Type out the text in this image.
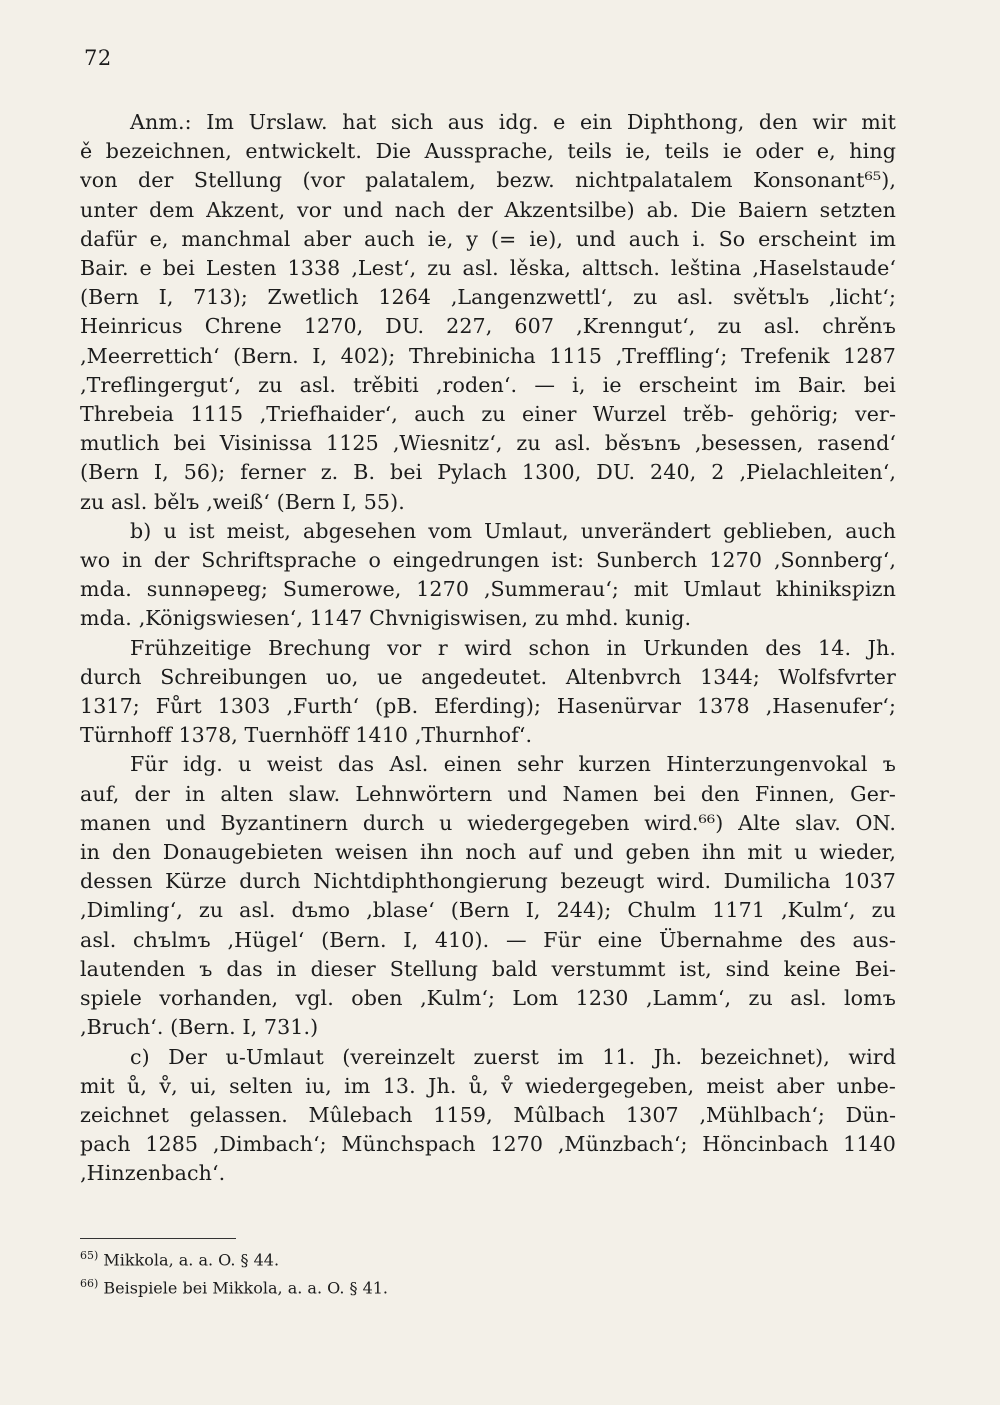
72
Anm.: Im Urslaw. hat sich aus idg. e ein Diphthong, den wir mit
ě bezeichnen, entwickelt. Die Aussprache, teils ie, teils ie oder e, hing
von der Stellung (vor palatalem, bezw. nichtpalatalem Konsonant⁶⁵),
unter dem Akzent, vor und nach der Akzentsilbe) ab. Die Baiern setzten
dafür e, manchmal aber auch ie, y (= ie), und auch i. So erscheint im
Bair. e bei Lesten 1338 ‚Lest‘, zu asl. lěska, alttsch. leština ‚Haselstaude‘
(Bern I, 713); Zwetlich 1264 ‚Langenzwettl‘, zu asl. světъlъ ‚licht‘;
Heinricus Chrene 1270, DU. 227, 607 ‚Krenngut‘, zu asl. chrěnъ
‚Meerrettich‘ (Bern. I, 402); Threbinicha 1115 ‚Treffling‘; Trefenik 1287
‚Treflingergut‘, zu asl. trěbiti ‚roden‘. — i, ie erscheint im Bair. bei
Threbeia 1115 ‚Triefhaider‘, auch zu einer Wurzel trěb- gehörig; ver-
mutlich bei Visinissa 1125 ‚Wiesnitz‘, zu asl. běsъnъ ‚besessen, rasend‘
(Bern I, 56); ferner z. B. bei Pylach 1300, DU. 240, 2 ‚Pielachleiten‘,
zu asl. bělъ ‚weiß‘ (Bern I, 55).
b) u ist meist, abgesehen vom Umlaut, unverändert geblieben, auch
wo in der Schriftsprache o eingedrungen ist: Sunberch 1270 ‚Sonnberg‘,
mda. sunnəpeɐg; Sumerowe, 1270 ‚Summerau‘; mit Umlaut khiniksƿizn
mda. ‚Königswiesen‘, 1147 Chvnigiswisen, zu mhd. kunig.
Frühzeitige Brechung vor r wird schon in Urkunden des 14. Jh.
durch Schreibungen uo, ue angedeutet. Altenbvrch 1344; Wolfsfvrter
1317; Fůrt 1303 ‚Furth‘ (pB. Eferding); Hasenürvar 1378 ‚Hasenufer‘;
Türnhoff 1378, Tuernhöff 1410 ‚Thurnhof‘.
Für idg. u weist das Asl. einen sehr kurzen Hinterzungenvokal ъ
auf, der in alten slaw. Lehnwörtern und Namen bei den Finnen, Ger-
manen und Byzantinern durch u wiedergegeben wird.⁶⁶) Alte slav. ON.
in den Donaugebieten weisen ihn noch auf und geben ihn mit u wieder,
dessen Kürze durch Nichtdiphthongierung bezeugt wird. Dumilicha 1037
‚Dimling‘, zu asl. dъmo ‚blase‘ (Bern I, 244); Chulm 1171 ‚Kulm‘, zu
asl. chъlmъ ‚Hügel‘ (Bern. I, 410). — Für eine Übernahme des aus-
lautenden ъ das in dieser Stellung bald verstummt ist, sind keine Bei-
spiele vorhanden, vgl. oben ‚Kulm‘; Lom 1230 ‚Lamm‘, zu asl. lomъ
‚Bruch‘. (Bern. I, 731.)
c) Der u-Umlaut (vereinzelt zuerst im 11. Jh. bezeichnet), wird
mit ů, v̊, ui, selten iu, im 13. Jh. ů, v̊ wiedergegeben, meist aber unbe-
zeichnet gelassen. Mûlebach 1159, Mûlbach 1307 ‚Mühlbach‘; Dün-
pach 1285 ‚Dimbach‘; Münchspach 1270 ‚Münzbach‘; Höncinbach 1140
‚Hinzenbach‘.
$^{65)}$ Mikkola, a. a. O. § 44.
$^{66)}$ Beispiele bei Mikkola, a. a. O. § 41.
